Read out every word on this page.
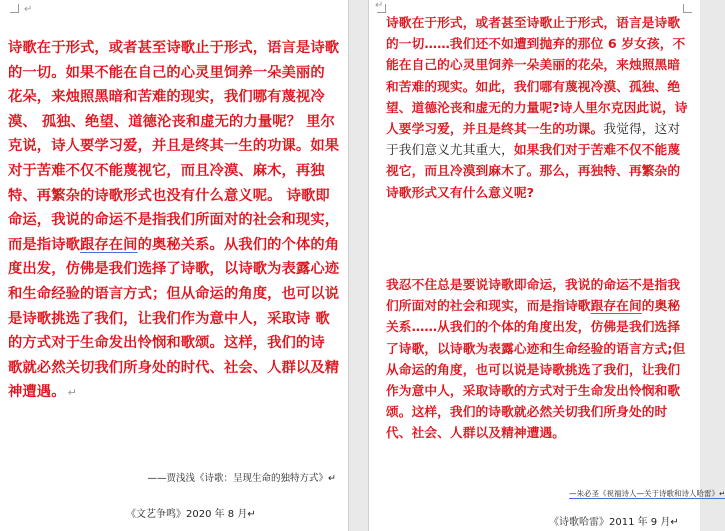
↵

诗歌在于形式，或者甚至诗歌止于形式，语言是诗歌的一切。如果不能在自己的心灵里饲养一朵美丽的 花朵，来烛照黑暗和苦难的现实，我们哪有蔑视冷漠、 孤独、绝望、道德沦丧和虚无的力量呢？ 里尔克说，诗人要学习爱，并且是终其一生的功课。如果对于苦难不仅不能蔑视它，而且冷漠、麻木，再独特、再繁杂的诗歌形式也没有什么意义呢。 诗歌即命运，我说的命运不是指我们所面对的社会和现实，而是指诗歌跟存在间的奥秘关系。从我们的个体的角度出发，仿佛是我们选择了诗歌，以诗歌为表露心迹和生命经验的语言方式；但从命运的角度，也可以说是诗歌挑选了我们，让我们作为意中人，采取诗 歌的方式对于生命发出怜悯和歌颂。这样，我们的诗 歌就必然关切我们所身处的时代、社会、人群以及精神遭遇。 ↵

——贾浅浅《诗歌：呈现生命的独特方式》↵
《文艺争鸣》2020 年 8 月↵
↵

诗歌在于形式，或者甚至诗歌止于形式，语言是诗歌的一切……我们还不如遭到抛弃的那位 6 岁女孩，不能在自己的心灵里饲养一朵美丽的花朵，来烛照黑暗和苦难的现实。如此，我们哪有蔑视冷漠、孤独、绝望、道德沦丧和虚无的力量呢?诗人里尔克因此说，诗人要学习爱，并且是终其一生的功课。我觉得，这对于我们意义尤其重大，如果我们对于苦难不仅不能蔑视它，而且冷漠到麻木了。那么，再独特、再繁杂的诗歌形式又有什么意义呢?

我忍不住总是要说诗歌即命运，我说的命运不是指我们所面对的社会和现实，而是指诗歌跟存在间的奥秘关系……从我们的个体的角度出发，仿佛是我们选择了诗歌，以诗歌为表露心迹和生命经验的语言方式;但从命运的角度，也可以说是诗歌挑选了我们，让我们作为意中人，采取诗歌的方式对于生命发出怜悯和歌颂。这样，我们的诗歌就必然关切我们所身处的时代、社会、人群以及精神遭遇。

—朱必圣《祝福诗人—关于诗歌和诗人哈雷》↵
《诗歌哈雷》2011 年 9 月↵
